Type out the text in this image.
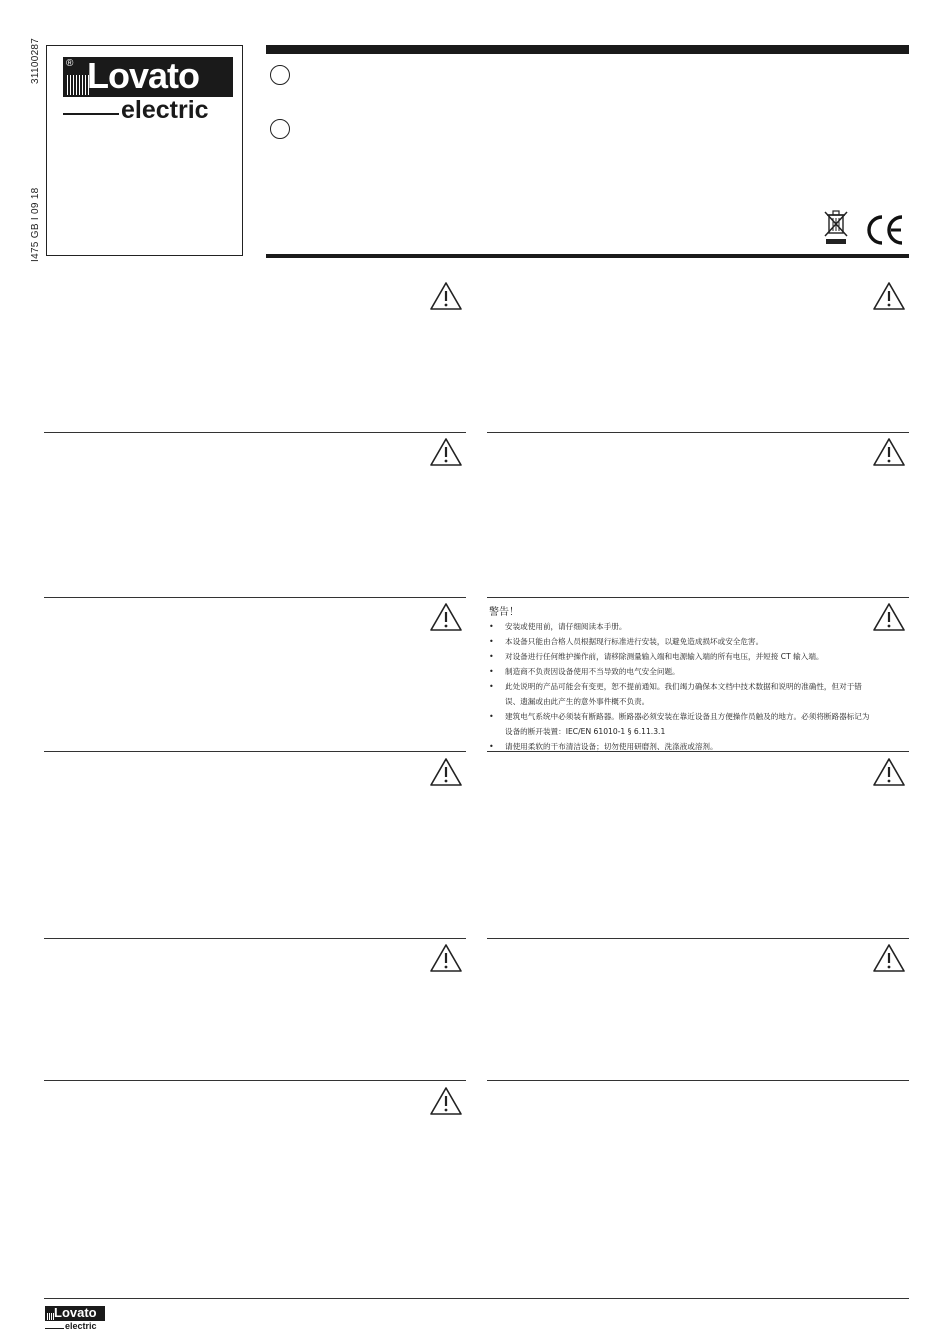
31100287
I475 GB I 09 18
® Lovato
electric
警告！
• 安装或使用前，请仔细阅读本手册。
• 本设备只能由合格人员根据现行标准进行安装，以避免造成损坏或安全危害。
• 对设备进行任何维护操作前，请移除测量输入端和电源输入端的所有电压，并短接 CT 输入端。
• 制造商不负责因设备使用不当导致的电气安全问题。
• 此处说明的产品可能会有变更，恕不提前通知。我们竭力确保本文档中技术数据和说明的准确性，但对于错误、遗漏或由此产生的意外事件概不负责。
• 建筑电气系统中必须装有断路器。断路器必须安装在靠近设备且方便操作员触及的地方。必须将断路器标记为设备的断开装置：IEC/EN 61010-1 § 6.11.3.1
• 请使用柔软的干布清洁设备；切勿使用研磨剂、洗涤液或溶剂。
Lovato
electric
